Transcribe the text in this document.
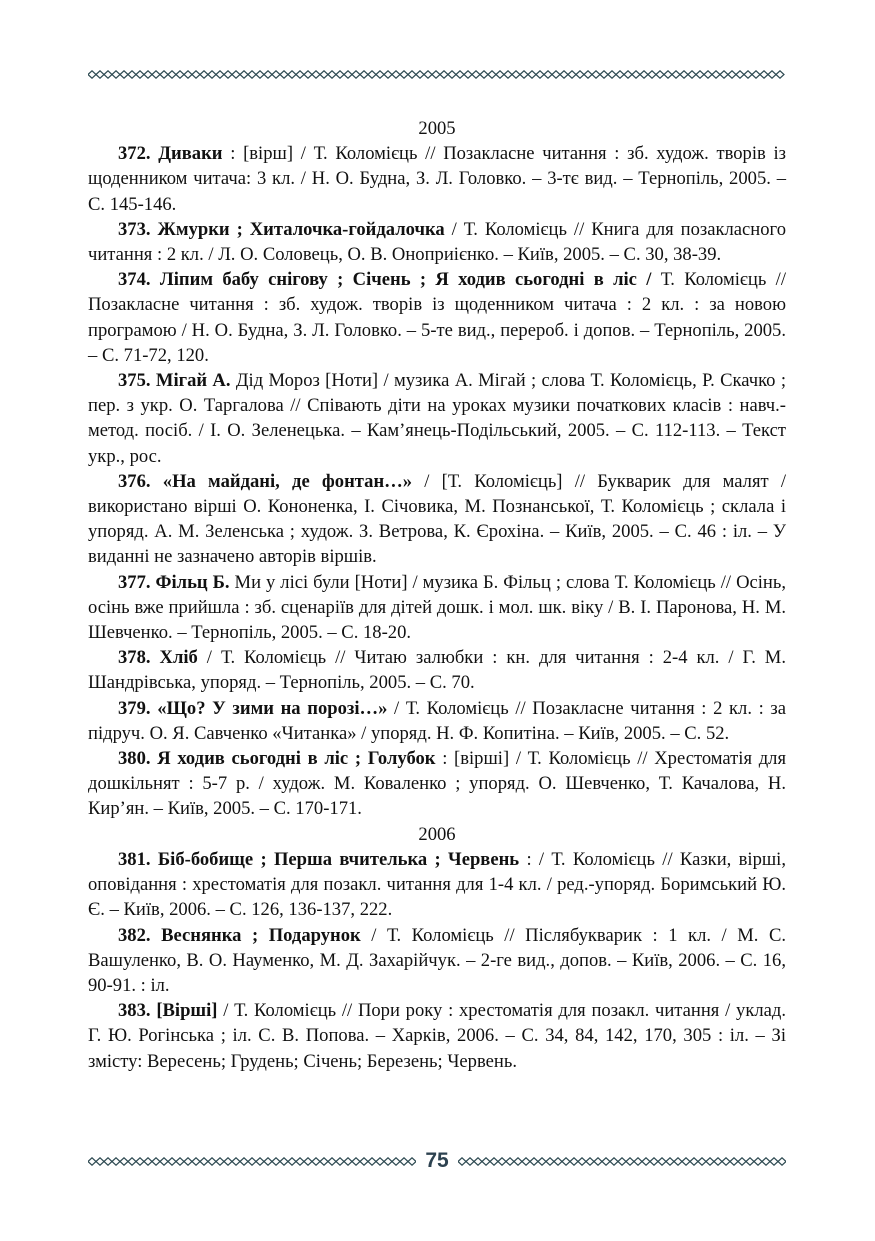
2005

372. Диваки : [вірш] / Т. Коломієць // Позакласне читання : зб. худож. творів із щоденником читача: 3 кл. / Н. О. Будна, З. Л. Головко. – 3-тє вид. – Тернопіль, 2005. – С. 145-146.

373. Жмурки ; Хиталочка-гойдалочка / Т. Коломієць // Книга для позакласного читання : 2 кл. / Л. О. Соловець, О. В. Оноприієнко. – Київ, 2005. – С. 30, 38-39.

374. Ліпим бабу снігову ; Січень ; Я ходив сьогодні в ліс / Т. Коломієць // Позакласне читання : зб. худож. творів із щоденником читача : 2 кл. : за новою програмою / Н. О. Будна, З. Л. Головко. – 5-те вид., перероб. і допов. – Тернопіль, 2005. – С. 71-72, 120.

375. Мігай А. Дід Мороз [Ноти] / музика А. Мігай ; слова Т. Коломієць, Р. Скачко ; пер. з укр. О. Таргалова // Співають діти на уроках музики початкових класів : навч.-метод. посіб. / І. О. Зеленецька. – Кам’янець-Подільський, 2005. – С. 112-113. – Текст укр., рос.

376. «На майдані, де фонтан…» / [Т. Коломієць] // Букварик для малят / використано вірші О. Кононенка, І. Січовика, М. Познанської, Т. Коломієць ; склала і упоряд. А. М. Зеленська ; худож. З. Ветрова, К. Єрохіна. – Київ, 2005. – С. 46 : іл. – У виданні не зазначено авторів віршів.

377. Фільц Б. Ми у лісі були [Ноти] / музика Б. Фільц ; слова Т. Коломієць // Осінь, осінь вже прийшла : зб. сценаріїв для дітей дошк. і мол. шк. віку / В. І. Паронова, Н. М. Шевченко. – Тернопіль, 2005. – С. 18-20.

378. Хліб / Т. Коломієць // Читаю залюбки : кн. для читання : 2-4 кл. / Г. М. Шандрівська, упоряд. – Тернопіль, 2005. – С. 70.

379. «Що? У зими на порозі…» / Т. Коломієць // Позакласне читання : 2 кл. : за підруч. О. Я. Савченко «Читанка» / упоряд. Н. Ф. Копитіна. – Київ, 2005. – С. 52.

380. Я ходив сьогодні в ліс ; Голубок : [вірші] / Т. Коломієць // Хрестоматія для дошкільнят : 5-7 р. / худож. М. Коваленко ; упоряд. О. Шевченко, Т. Качалова, Н. Кир’ян. – Київ, 2005. – С. 170-171.

2006

381. Біб-бобище ; Перша вчителька ; Червень : / Т. Коломієць // Казки, вірші, оповідання : хрестоматія для позакл. читання для 1-4 кл. / ред.-упоряд. Боримський Ю. Є. – Київ, 2006. – С. 126, 136-137, 222.

382. Веснянка ; Подарунок / Т. Коломієць // Післябукварик : 1 кл. / М. С. Вашуленко, В. О. Науменко, М. Д. Захарійчук. – 2-ге вид., допов. – Київ, 2006. – С. 16, 90-91. : іл.

383. [Вірші] / Т. Коломієць // Пори року : хрестоматія для позакл. читання / уклад. Г. Ю. Рогінська ; іл. С. В. Попова. – Харків, 2006. – С. 34, 84, 142, 170, 305 : іл. – Зі змісту: Вересень; Грудень; Січень; Березень; Червень.

75
